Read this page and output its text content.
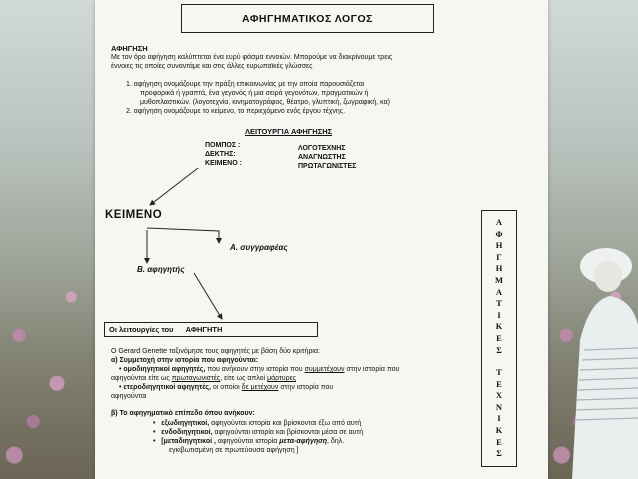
ΑΦΗΓΗΜΑΤΙΚΟΣ ΛΟΓΟΣ
ΑΦΗΓΗΣΗ
Με τον όρο αφήγηση καλύπτεται ένα ευρύ φάσμα εννοιών. Μπορούμε να διακρίνουμε τρεις
έννοιες τις οποίες συναντάμε και στις άλλες ευρωπαϊκές γλώσσες
1. αφήγηση ονομάζουμε την πράξη επικοινωνίας με την οποία παρουσιάζεται
προφορικά ή γραπτά, ένα γεγονός ή μια σειρά γεγονότων, πραγματικών ή
μυθοπλαστικών. (λογοτεχνία, κινηματογράφος, θέατρο, γλυπτική, ζωγραφική, κα)
2. αφήγηση ονομάζουμε το κείμενο, το περιεχόμενο ενός έργου τέχνης.
ΛΕΙΤΟΥΡΓΙΑ ΑΦΗΓΗΣΗΣ
ΠΟΜΠΟΣ :	ΛΟΓΟΤΕΧΝΗΣ
ΔΕΚΤΗΣ:	ΑΝΑΓΝΩΣΤΗΣ
ΚΕΙΜΕΝΟ :	ΠΡΩΤΑΓΩΝΙΣΤΕΣ
ΚΕΙΜΕΝΟ
Α. συγγραφέας
Β. αφηγητής
Οι λειτουργίες του      ΑΦΗΓΗΤΗ
Ο Gerard Genette ταξινόμησε τους αφηγητές με βάση δύο κριτήρια:
α) Συμμετοχή στην ιστορία που αφηγούνται:
• ομοδιηγητικοί αφηγητές, που ανήκουν στην ιστορία που συμμετέχουν στην ιστορία που
αφηγούνται είτε ως πρωταγωνιστές, είτε ως απλοί μάρτυρες
• ετεροδιηγητικοί αφηγητές, οι οποίοι δε μετέχουν στην ιστορία που
αφηγούνται
β) Το αφηγηματικό επίπεδο όπου ανήκουν:
• εξωδιηγητικοί, αφηγούνται ιστορία και βρίσκονται έξω από αυτή
• ενδοδιηγητικοί, αφηγούνται ιστορία και βρίσκονται μέσα σε αυτή
• [μεταδιηγητικοί , αφηγούνται ιστορία μετα-αφήγηση, δηλ.
εγκιβωτισμένη σε πρωτεύουσα αφήγηση ]
Α
Φ
Η
Γ
Η
Μ
Α
Τ
Ι
Κ
Ε
Σ
Τ
Ε
Χ
Ν
Ι
Κ
Ε
Σ
